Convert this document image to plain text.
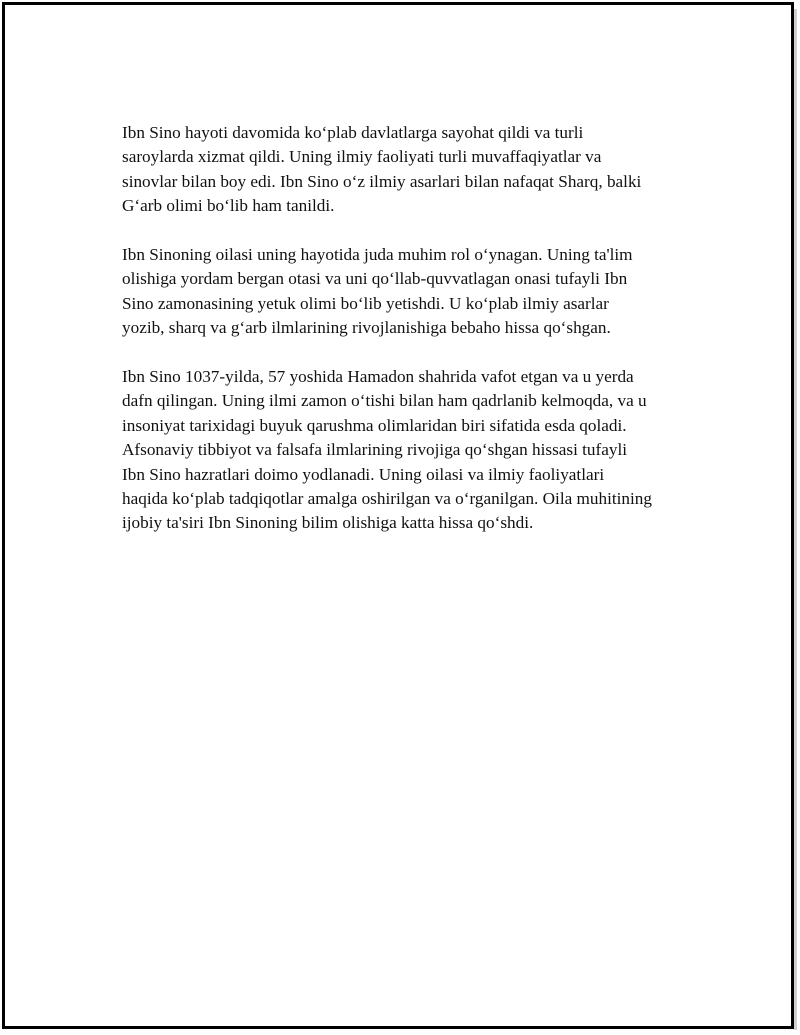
Ibn Sino hayoti davomida ko‘plab davlatlarga sayohat qildi va turli
saroylarda xizmat qildi. Uning ilmiy faoliyati turli muvaffaqiyatlar va
sinovlar bilan boy edi. Ibn Sino o‘z ilmiy asarlari bilan nafaqat Sharq, balki
G‘arb olimi bo‘lib ham tanildi.

Ibn Sinoning oilasi uning hayotida juda muhim rol o‘ynagan. Uning ta'lim
olishiga yordam bergan otasi va uni qo‘llab-quvvatlagan onasi tufayli Ibn
Sino zamonasining yetuk olimi bo‘lib yetishdi. U ko‘plab ilmiy asarlar
yozib, sharq va g‘arb ilmlarining rivojlanishiga bebaho hissa qo‘shgan.

Ibn Sino 1037-yilda, 57 yoshida Hamadon shahrida vafot etgan va u yerda
dafn qilingan. Uning ilmi zamon o‘tishi bilan ham qadrlanib kelmoqda, va u
insoniyat tarixidagi buyuk qarushma olimlaridan biri sifatida esda qoladi.
Afsonaviy tibbiyot va falsafa ilmlarining rivojiga qo‘shgan hissasi tufayli
Ibn Sino hazratlari doimo yodlanadi. Uning oilasi va ilmiy faoliyatlari
haqida ko‘plab tadqiqotlar amalga oshirilgan va o‘rganilgan. Oila muhitining
ijobiy ta'siri Ibn Sinoning bilim olishiga katta hissa qo‘shdi.
